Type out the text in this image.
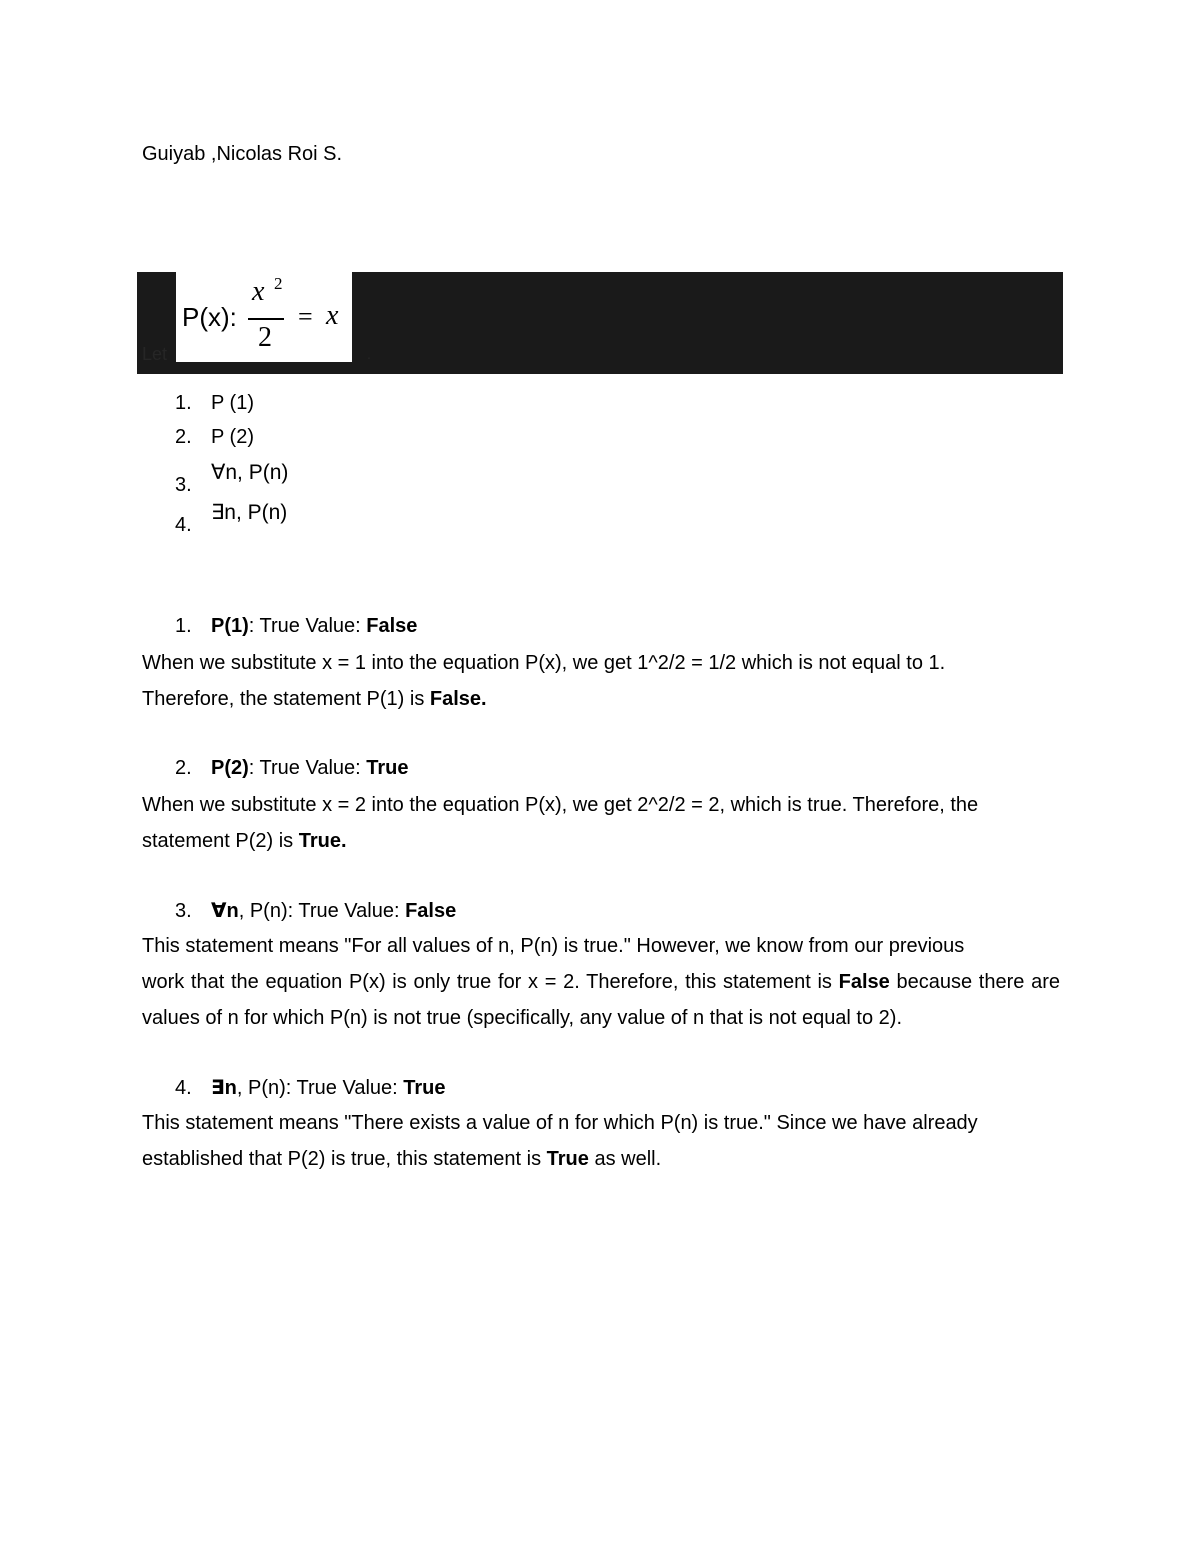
Guiyab ,Nicolas Roi S.
Let
P(x):
x 2
2
= x
.
1. P (1)
2. P (2)
3.∀n, P(n)
4.∃n, P(n)
1. P(1): True Value: False
When we substitute x = 1 into the equation P(x), we get 1^2/2 = 1/2 which is not equal to 1.
Therefore, the statement P(1) is False.
2. P(2): True Value: True
When we substitute x = 2 into the equation P(x), we get 2^2/2 = 2, which is true. Therefore, the
statement P(2) is True.
3. ∀n, P(n): True Value: False
This statement means "For all values of n, P(n) is true." However, we know from our previous
work that the equation P(x) is only true for x = 2. Therefore, this statement is False because there are values of n for which P(n) is not true (specifically, any value of n that is not equal to 2).
4. ∃n, P(n): True Value: True
This statement means "There exists a value of n for which P(n) is true." Since we have already
established that P(2) is true, this statement is True as well.
